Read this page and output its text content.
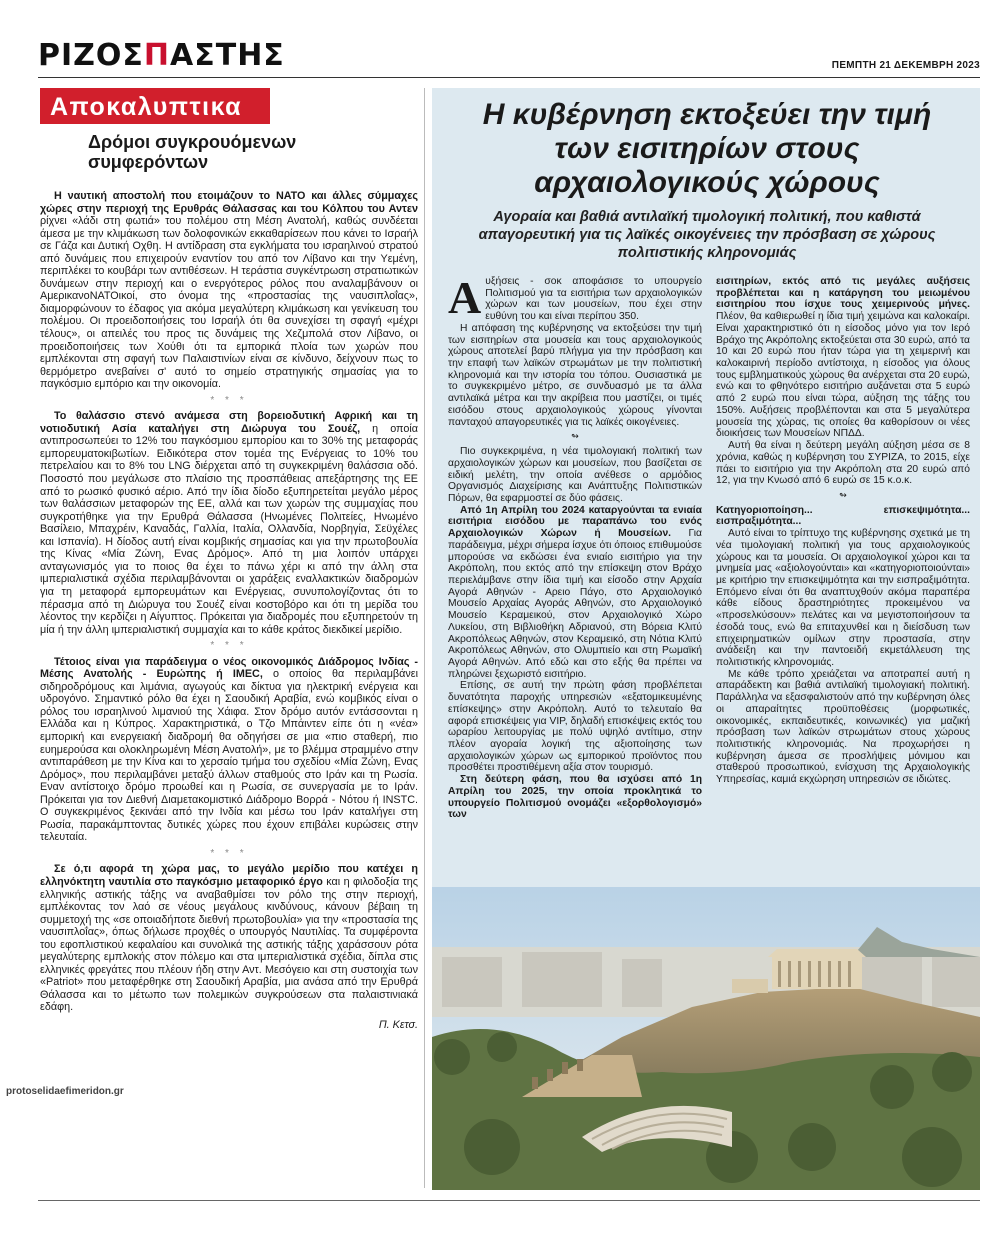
ΡΙΖΟΣΠΑΣΤΗΣ	ΠΕΜΠΤΗ 21 ΔΕΚΕΜΒΡΗ 2023
protoselidaefimeridon.gr
Αποκαλυπτικα
Δρόμοι συγκρουόμενων συμφερόντων

Η ναυτική αποστολή που ετοιμάζουν το ΝΑΤΟ και άλλες σύμμαχες χώρες στην περιοχή της Ερυθράς Θάλασσας και του Κόλπου του Αντεν ρίχνει «λάδι στη φωτιά» του πολέμου στη Μέση Ανατολή, καθώς συνδέεται άμεσα με την κλιμάκωση των δολοφονικών εκκαθαρίσεων που κάνει το Ισραήλ σε Γάζα και Δυτική Οχθη. Η αντίδραση στα εγκλήματα του ισραηλινού στρατού από δυνάμεις που επιχειρούν εναντίον του από τον Λίβανο και την Υεμένη, περιπλέκει το κουβάρι των αντιθέσεων. Η τεράστια συγκέντρωση στρατιωτικών δυνάμεων στην περιοχή και ο ενεργότερος ρόλος που αναλαμβάνουν οι ΑμερικανοΝΑΤΟικοί, στο όνομα της «προστασίας της ναυσιπλοΐας», διαμορφώνουν το έδαφος για ακόμα μεγαλύτερη κλιμάκωση και γενίκευση του πολέμου. Οι προειδοποιήσεις του Ισραήλ ότι θα συνεχίσει τη σφαγή «μέχρι τέλους», οι απειλές του προς τις δυνάμεις της Χεζμπολά στον Λίβανο, οι προειδοποιήσεις των Χούθι ότι τα εμπορικά πλοία των χωρών που εμπλέκονται στη σφαγή των Παλαιστινίων είναι σε κίνδυνο, δείχνουν πως το θερμόμετρο ανεβαίνει σ' αυτό το σημείο στρατηγικής σημασίας για το παγκόσμιο εμπόριο και την οικονομία.

* * *

Το θαλάσσιο στενό ανάμεσα στη βορειοδυτική Αφρική και τη νοτιοδυτική Ασία καταλήγει στη Διώρυγα του Σουέζ, η οποία αντιπροσωπεύει το 12% του παγκόσμιου εμπορίου και το 30% της μεταφοράς εμπορευματοκιβωτίων. Ειδικότερα στον τομέα της Ενέργειας το 10% του πετρελαίου και το 8% του LNG διέρχεται από τη συγκεκριμένη θαλάσσια οδό. Ποσοστό που μεγάλωσε στο πλαίσιο της προσπάθειας απεξάρτησης της ΕΕ από το ρωσικό φυσικό αέριο. Από την ίδια δίοδο εξυπηρετείται μεγάλο μέρος των θαλάσσιων μεταφορών της ΕΕ, αλλά και των χωρών της συμμαχίας που συγκροτήθηκε για την Ερυθρά Θάλασσα (Ηνωμένες Πολιτείες, Ηνωμένο Βασίλειο, Μπαχρέιν, Καναδάς, Γαλλία, Ιταλία, Ολλανδία, Νορβηγία, Σεϋχέλες και Ισπανία). Η δίοδος αυτή είναι κομβικής σημασίας και για την πρωτοβουλία της Κίνας «Μία Ζώνη, Ενας Δρόμος». Από τη μια λοιπόν υπάρχει ανταγωνισμός για το ποιος θα έχει το πάνω χέρι κι από την άλλη στα ιμπεριαλιστικά σχέδια περιλαμβάνονται οι χαράξεις εναλλακτικών διαδρομών για τη μεταφορά εμπορευμάτων και Ενέργειας, συνυπολογίζοντας ότι το πέρασμα από τη Διώρυγα του Σουέζ είναι κοστοβόρο και ότι τη μερίδα του λέοντος την κερδίζει η Αίγυπτος. Πρόκειται για διαδρομές που εξυπηρετούν τη μία ή την άλλη ιμπεριαλιστική συμμαχία και το κάθε κράτος διεκδικεί μερίδιο.

* * *

Τέτοιος είναι για παράδειγμα ο νέος οικονομικός Διάδρομος Ινδίας - Μέσης Ανατολής - Ευρώπης ή IMEC, ο οποίος θα περιλαμβάνει σιδηροδρόμους και λιμάνια, αγωγούς και δίκτυα για ηλεκτρική ενέργεια και υδρογόνο. Σημαντικό ρόλο θα έχει η Σαουδική Αραβία, ενώ κομβικός είναι ο ρόλος του ισραηλινού λιμανιού της Χάιφα. Στον δρόμο αυτόν εντάσσονται η Ελλάδα και η Κύπρος. Χαρακτηριστικά, ο Τζο Μπάιντεν είπε ότι η «νέα» εμπορική και ενεργειακή διαδρομή θα οδηγήσει σε μια «πιο σταθερή, πιο ευημερούσα και ολοκληρωμένη Μέση Ανατολή», με το βλέμμα στραμμένο στην αντιπαράθεση με την Κίνα και το χερσαίο τμήμα του σχεδίου «Μία Ζώνη, Ενας Δρόμος», που περιλαμβάνει μεταξύ άλλων σταθμούς στο Ιράν και τη Ρωσία. Εναν αντίστοιχο δρόμο προωθεί και η Ρωσία, σε συνεργασία με το Ιράν. Πρόκειται για τον Διεθνή Διαμετακομιστικό Διάδρομο Βορρά - Νότου ή INSTC. Ο συγκεκριμένος ξεκινάει από την Ινδία και μέσω του Ιράν καταλήγει στη Ρωσία, παρακάμπτοντας δυτικές χώρες που έχουν επιβάλει κυρώσεις στην τελευταία.

* * *

Σε ό,τι αφορά τη χώρα μας, το μεγάλο μερίδιο που κατέχει η ελληνόκτητη ναυτιλία στο παγκόσμιο μεταφορικό έργο και η φιλοδοξία της ελληνικής αστικής τάξης να αναβαθμίσει τον ρόλο της στην περιοχή, εμπλέκοντας τον λαό σε νέους μεγάλους κινδύνους, κάνουν βέβαιη τη συμμετοχή της «σε οποιαδήποτε διεθνή πρωτοβουλία» για την «προστασία της ναυσιπλοΐας», όπως δήλωσε προχθές ο υπουργός Ναυτιλίας. Τα συμφέροντα του εφοπλιστικού κεφαλαίου και συνολικά της αστικής τάξης χαράσσουν ρότα μεγαλύτερης εμπλοκής στον πόλεμο και στα ιμπεριαλιστικά σχέδια, δίπλα στις ελληνικές φρεγάτες που πλέουν ήδη στην Αντ. Μεσόγειο και στη συστοιχία των «Patriot» που μεταφέρθηκε στη Σαουδική Αραβία, μια ανάσα από την Ερυθρά Θάλασσα και το μέτωπο των πολεμικών συγκρούσεων στα παλαιστινιακά εδάφη.

Π. Κετσ.
Η κυβέρνηση εκτοξεύει την τιμή των εισιτηρίων στους αρχαιολογικούς χώρους
Αγοραία και βαθιά αντιλαϊκή τιμολογική πολιτική, που καθιστά απαγορευτική για τις λαϊκές οικογένειες την πρόσβαση σε χώρους πολιτιστικής κληρονομιάς

Αυξήσεις - σοκ αποφάσισε το υπουργείο Πολιτισμού για τα εισιτήρια των αρχαιολογικών χώρων και των μουσείων, που έχει στην ευθύνη του και είναι περίπου 350.

Η απόφαση της κυβέρνησης να εκτοξεύσει την τιμή των εισιτηρίων στα μουσεία και τους αρχαιολογικούς χώρους αποτελεί βαρύ πλήγμα για την πρόσβαση και την επαφή των λαϊκών στρωμάτων με την πολιτιστική κληρονομιά και την ιστορία του τόπου. Ουσιαστικά με το συγκεκριμένο μέτρο, σε συνδυασμό με τα άλλα αντιλαϊκά μέτρα και την ακρίβεια που μαστίζει, οι τιμές εισόδου στους αρχαιολογικούς χώρους γίνονται πανταχού απαγορευτικές για τις λαϊκές οικογένειες.

↬

Πιο συγκεκριμένα, η νέα τιμολογιακή πολιτική των αρχαιολογικών χώρων και μουσείων, που βασίζεται σε ειδική μελέτη, την οποία ανέθεσε ο αρμόδιος Οργανισμός Διαχείρισης και Ανάπτυξης Πολιτιστικών Πόρων, θα εφαρμοστεί σε δύο φάσεις.

Από 1η Απρίλη του 2024 καταργούνται τα ενιαία εισιτήρια εισόδου με παραπάνω του ενός Αρχαιολογικών Χώρων ή Μουσείων. Για παράδειγμα, μέχρι σήμερα ίσχυε ότι όποιος επιθυμούσε μπορούσε να εκδώσει ένα ενιαίο εισιτήριο για την Ακρόπολη, που εκτός από την επίσκεψη στον Βράχο περιελάμβανε στην ίδια τιμή και είσοδο στην Αρχαία Αγορά Αθηνών - Αρειο Πάγο, στο Αρχαιολογικό Μουσείο Αρχαίας Αγοράς Αθηνών, στο Αρχαιολογικό Μουσείο Κεραμεικού, στον Αρχαιολογικό Χώρο Λυκείου, στη Βιβλιοθήκη Αδριανού, στη Βόρεια Κλιτύ Ακροπόλεως Αθηνών, στον Κεραμεικό, στη Νότια Κλιτύ Ακροπόλεως Αθηνών, στο Ολυμπιείο και στη Ρωμαϊκή Αγορά Αθηνών. Από εδώ και στο εξής θα πρέπει να πληρώνει ξεχωριστό εισιτήριο.

Επίσης, σε αυτή την πρώτη φάση προβλέπεται δυνατότητα παροχής υπηρεσιών «εξατομικευμένης επίσκεψης» στην Ακρόπολη. Αυτό το τελευταίο θα αφορά επισκέψεις για VIP, δηλαδή επισκέψεις εκτός του ωραρίου λειτουργίας με πολύ υψηλό αντίτιμο, στην πλέον αγοραία λογική της αξιοποίησης των αρχαιολογικών χώρων ως εμπορικού προϊόντος που προσθέτει προστιθέμενη αξία στον τουρισμό.

Στη δεύτερη φάση, που θα ισχύσει από 1η Απρίλη του 2025, την οποία προκλητικά το υπουργείο Πολιτισμού ονομάζει «εξορθολογισμό» των

εισιτηρίων, εκτός από τις μεγάλες αυξήσεις προβλέπεται και η κατάργηση του μειωμένου εισιτηρίου που ίσχυε τους χειμερινούς μήνες. Πλέον, θα καθιερωθεί η ίδια τιμή χειμώνα και καλοκαίρι. Είναι χαρακτηριστικό ότι η είσοδος μόνο για τον Ιερό Βράχο της Ακρόπολης εκτοξεύεται στα 30 ευρώ, από τα 10 και 20 ευρώ που ήταν τώρα για τη χειμερινή και καλοκαιρινή περίοδο αντίστοιχα, η είσοδος για όλους τους εμβληματικούς χώρους θα ανέρχεται στα 20 ευρώ, ενώ και το φθηνότερο εισιτήριο αυξάνεται στα 5 ευρώ από 2 ευρώ που είναι τώρα, αύξηση της τάξης του 150%. Αυξήσεις προβλέπονται και στα 5 μεγαλύτερα μουσεία της χώρας, τις οποίες θα καθορίσουν οι νέες διοικήσεις των Μουσείων ΝΠΔΔ.

Αυτή θα είναι η δεύτερη μεγάλη αύξηση μέσα σε 8 χρόνια, καθώς η κυβέρνηση του ΣΥΡΙΖΑ, το 2015, είχε πάει το εισιτήριο για την Ακρόπολη στα 20 ευρώ από 12, για την Κνωσό από 6 ευρώ σε 15 κ.ο.κ.

↬

Κατηγοριοποίηση... επισκεψιμότητα... εισπραξιμότητα...

Αυτό είναι το τρίπτυχο της κυβέρνησης σχετικά με τη νέα τιμολογιακή πολιτική για τους αρχαιολογικούς χώρους και τα μουσεία. Οι αρχαιολογικοί χώροι και τα μνημεία μας «αξιολογούνται» και «κατηγοριοποιούνται» με κριτήριο την επισκεψιμότητα και την εισπραξιμότητα. Επόμενο είναι ότι θα αναπτυχθούν ακόμα παραπέρα κάθε είδους δραστηριότητες προκειμένου να «προσελκύσουν» πελάτες και να μεγιστοποιήσουν τα έσοδά τους, ενώ θα επιταχυνθεί και η διείσδυση των επιχειρηματικών ομίλων στην προστασία, στην ανάδειξη και την παντοειδή εκμετάλλευση της πολιτιστικής κληρονομιάς.

Με κάθε τρόπο χρειάζεται να αποτραπεί αυτή η απαράδεκτη και βαθιά αντιλαϊκή τιμολογιακή πολιτική. Παράλληλα να εξασφαλιστούν από την κυβέρνηση όλες οι απαραίτητες προϋποθέσεις (μορφωτικές, οικονομικές, εκπαιδευτικές, κοινωνικές) για μαζική πρόσβαση των λαϊκών στρωμάτων στους χώρους πολιτιστικής κληρονομιάς. Να προχωρήσει η κυβέρνηση άμεσα σε προσλήψεις μόνιμου και σταθερού προσωπικού, ενίσχυση της Αρχαιολογικής Υπηρεσίας, καμιά εκχώρηση υπηρεσιών σε ιδιώτες.
